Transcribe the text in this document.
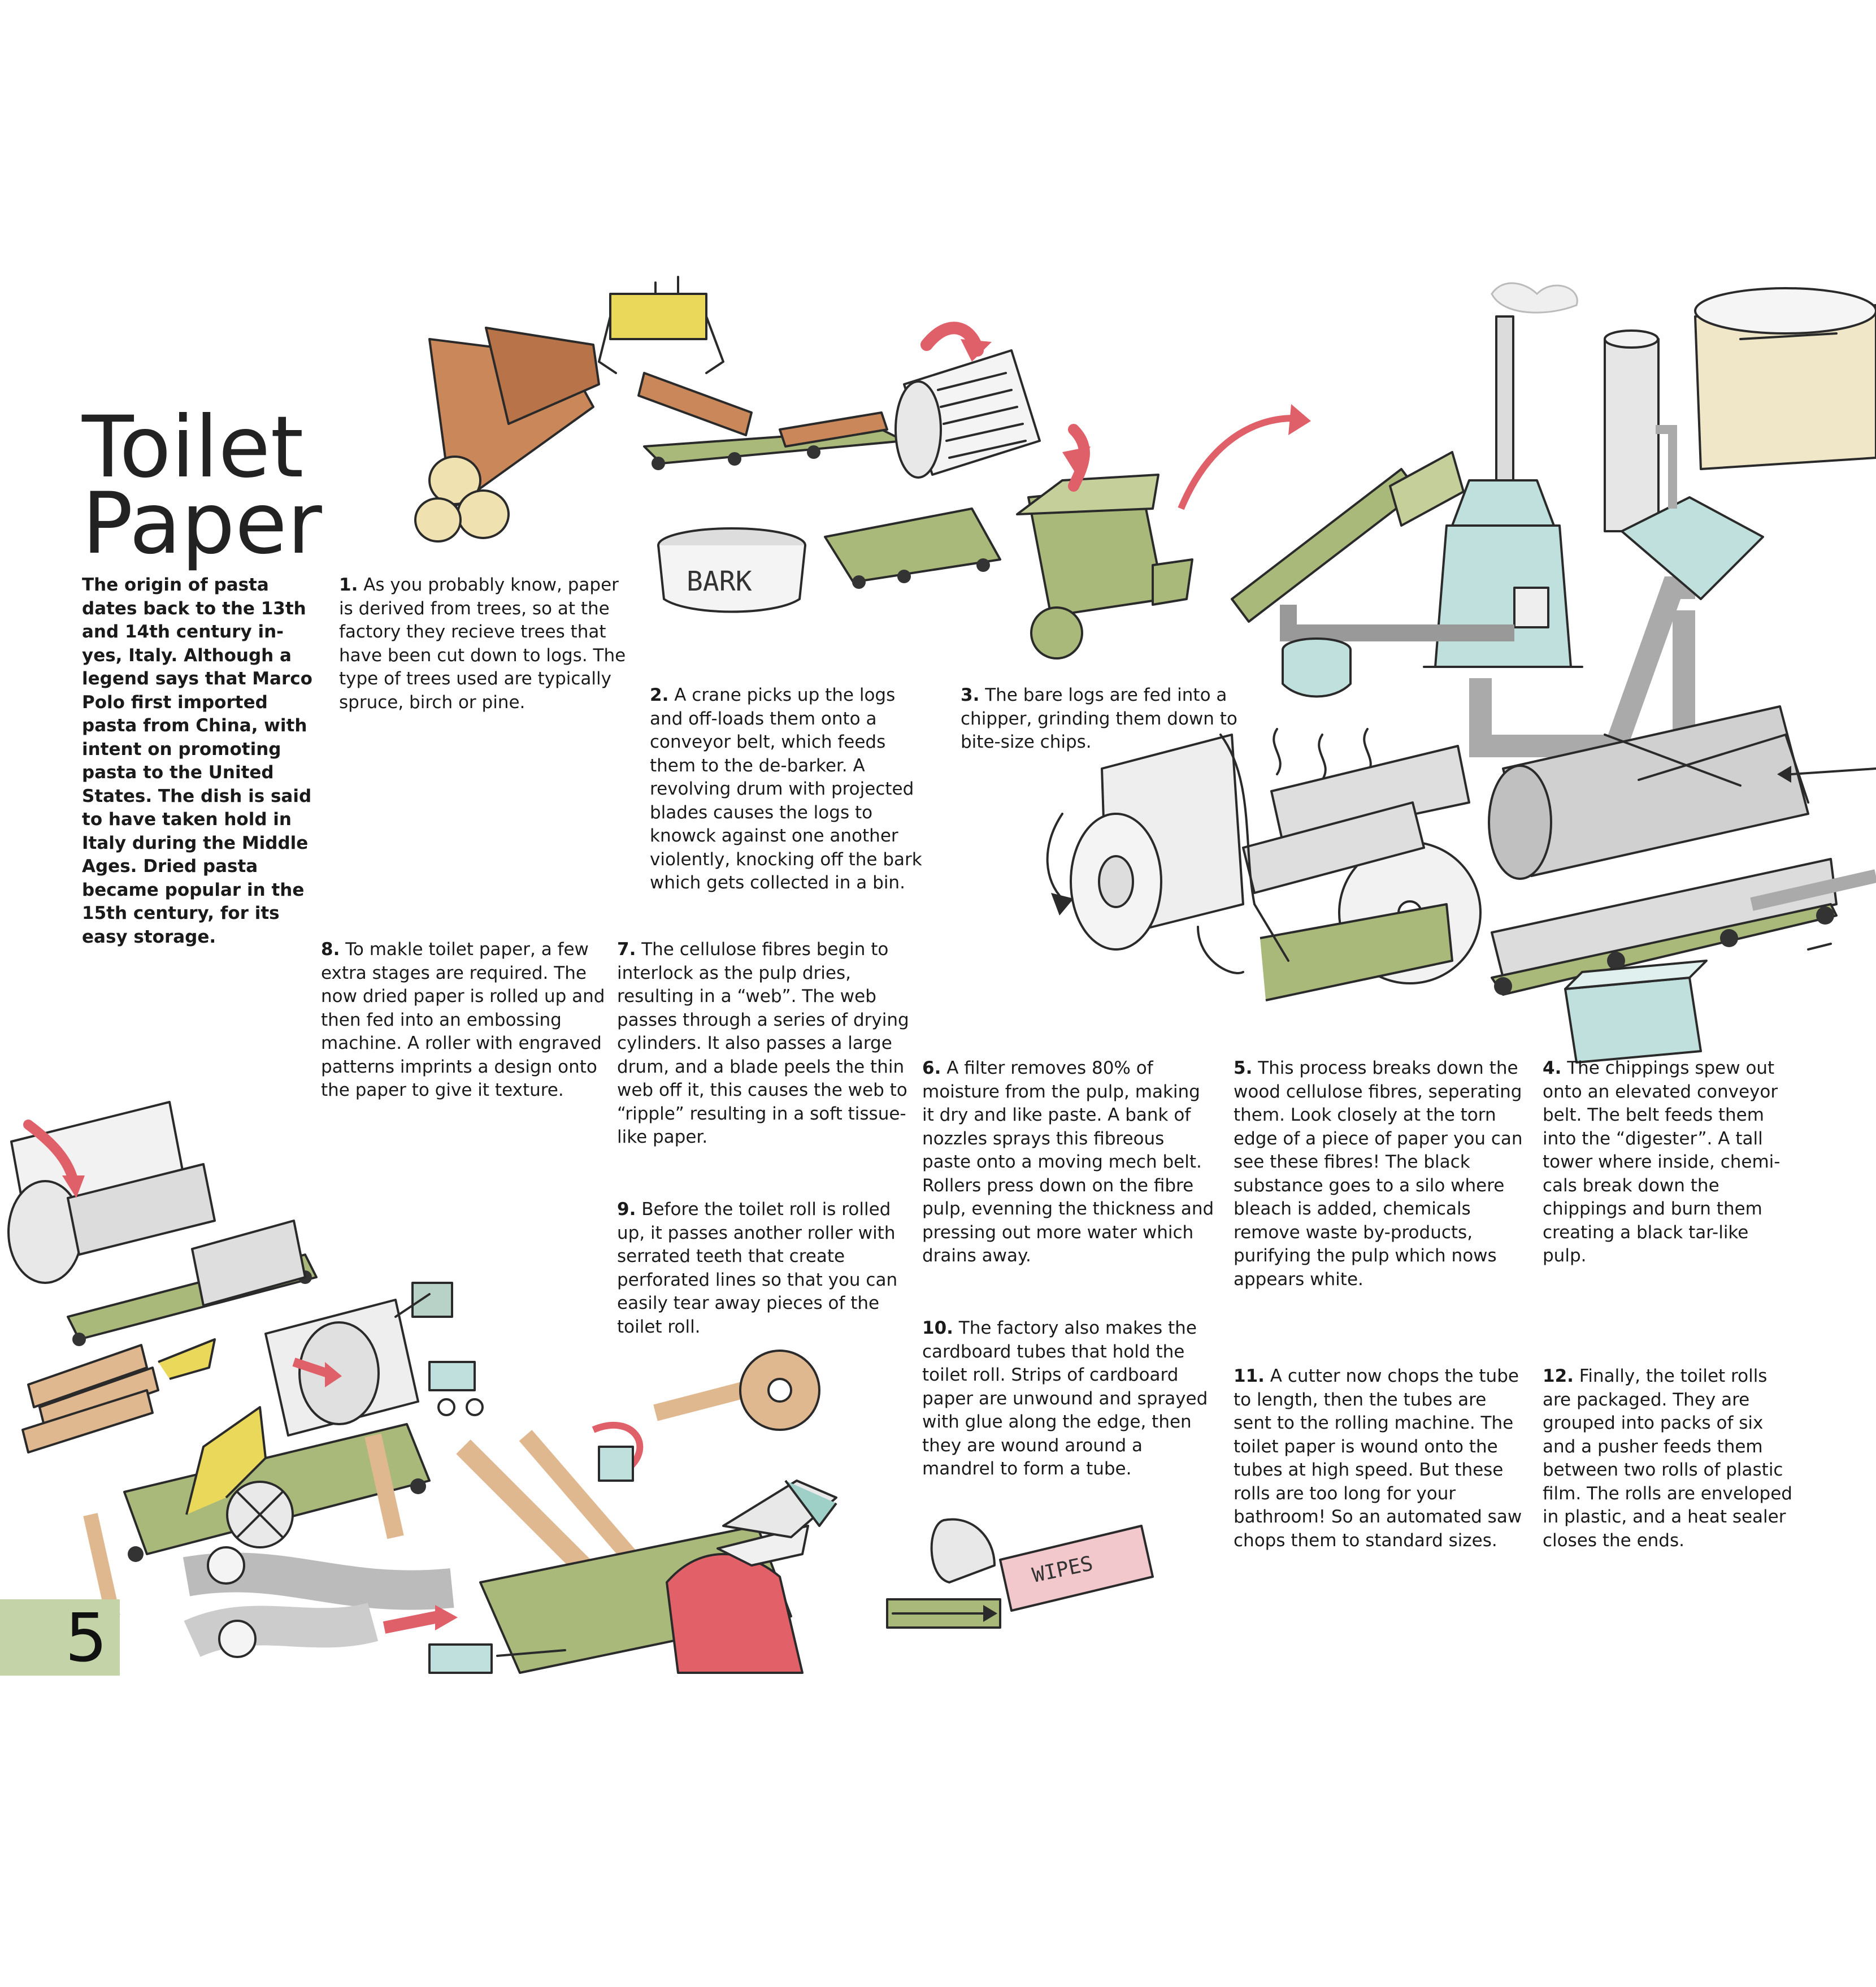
BARK
WIPES
Toilet Paper

The origin of pasta dates back to the 13th and 14th century in- yes, Italy. Although a legend says that Marco Polo first imported pasta from China, with intent on promoting pasta to the United States. The dish is said to have taken hold in Italy during the Middle Ages. Dried pasta became popular in the 15th century, for its easy storage.

1. As you probably know, paper is derived from trees, so at the factory they recieve trees that have been cut down to logs. The type of trees used are typically spruce, birch or pine.	2. A crane picks up the logs and off-loads them onto a conveyor belt, which feeds them to the de-barker. A revolving drum with projected blades causes the logs to knowck against one another violently, knocking off the bark which gets collected in a bin.

3. The bare logs are fed into a chipper, grinding them down to bite-size chips.

8. To makle toilet paper, a few extra stages are required. The now dried paper is rolled up and then fed into an embossing machine. A roller with engraved patterns imprints a design onto the paper to give it texture.

7. The cellulose fibres begin to interlock as the pulp dries, resulting in a “web”. The web passes through a series of drying cylinders. It also passes a large drum, and a blade peels the thin web off it, this causes the web to “ripple” resulting in a soft tissue-like paper.

6. A filter removes 80% of moisture from the pulp, making it dry and like paste. A bank of nozzles sprays this fibreous paste onto a moving mech belt. Rollers press down on the fibre pulp, evenning the thickness and pressing out more water which drains away.

5. This process breaks down the wood cellulose fibres, seperating them. Look closely at the torn edge of a piece of paper you can see these fibres! The black substance goes to a silo where bleach is added, chemicals remove waste by-products, purifying the pulp which nows appears white.

4. The chippings spew out onto an elevated conveyor belt. The belt feeds them into the “digester”. A tall tower where inside, chemi- cals break down the chippings and burn them creating a black tar-like pulp.

9. Before the toilet roll is rolled up, it passes another roller with serrated teeth that create perforated lines so that you can easily tear away pieces of the toilet roll.	10. The factory also makes the cardboard tubes that hold the toilet roll. Strips of cardboard paper are unwound and sprayed with glue along the edge, then they are wound around a mandrel to form a tube.

11. A cutter now chops the tube to length, then the tubes are sent to the rolling machine. The toilet paper is wound onto the tubes at high speed. But these rolls are too long for your bathroom! So an automated saw chops them to standard sizes.

12. Finally, the toilet rolls are packaged. They are grouped into packs of six and a pusher feeds them between two rolls of plastic film. The rolls are enveloped in plastic, and a heat sealer closes the ends.

5
